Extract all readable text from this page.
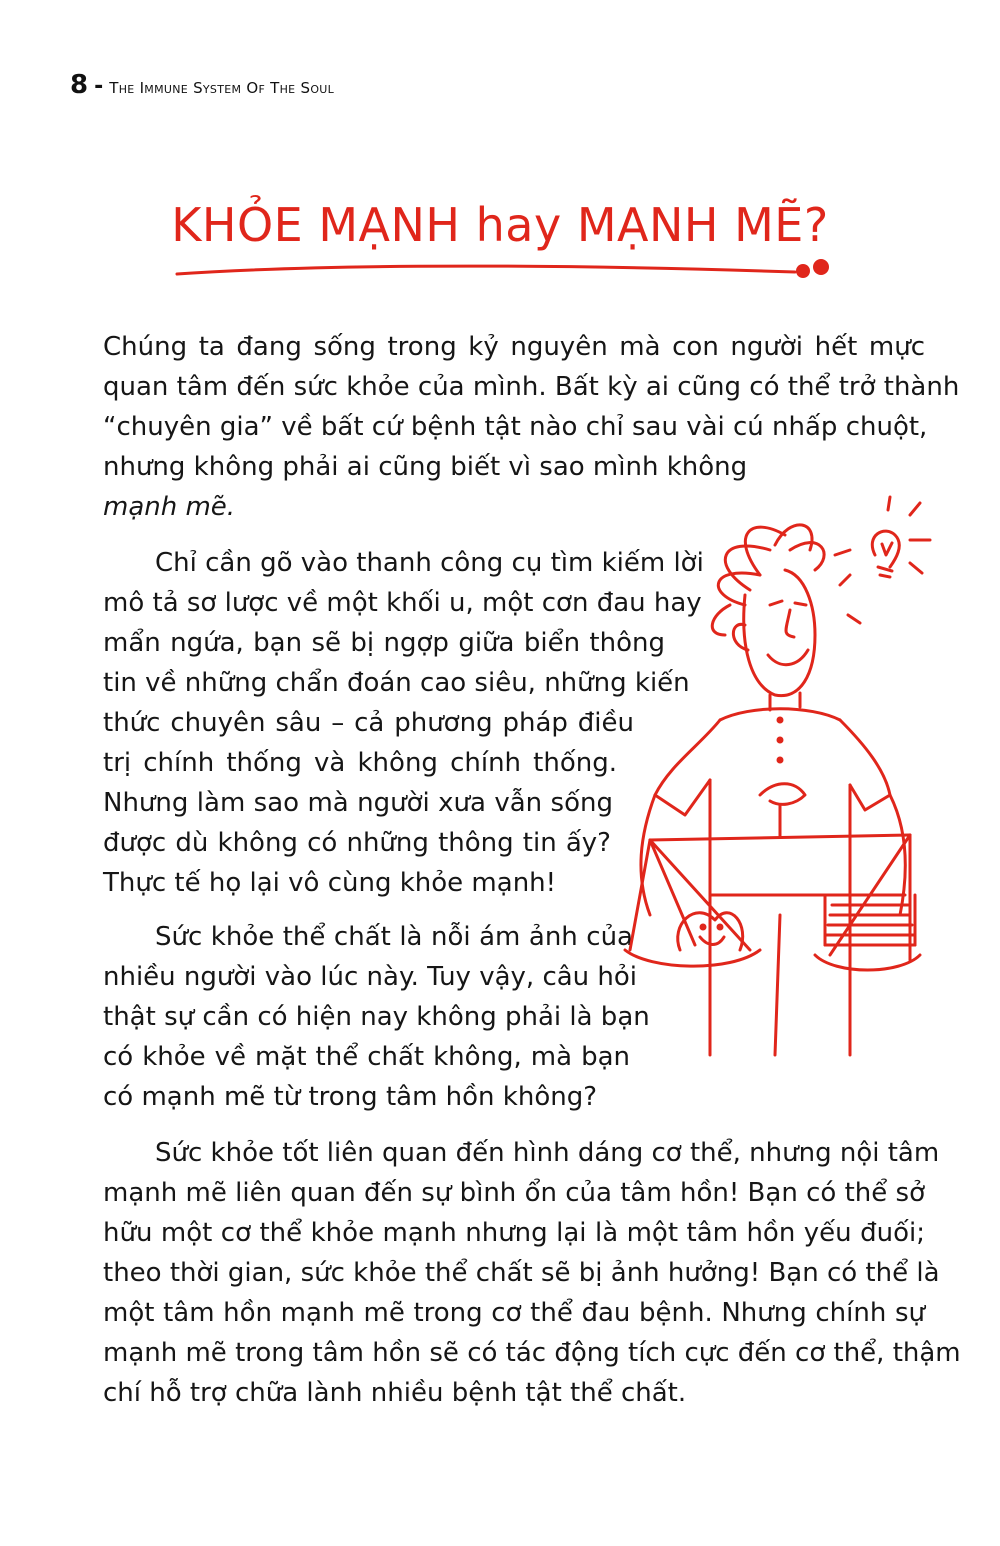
8 - The Immune System Of The Soul
KHỎE MẠNH hay MẠNH MẼ?
Chúng ta đang sống trong kỷ nguyên mà con người hết mực
quan tâm đến sức khỏe của mình. Bất kỳ ai cũng có thể trở thành
“chuyên gia” về bất cứ bệnh tật nào chỉ sau vài cú nhấp chuột,
nhưng không phải ai cũng biết vì sao mình không
mạnh mẽ.
Chỉ cần gõ vào thanh công cụ tìm kiếm lời
mô tả sơ lược về một khối u, một cơn đau hay
mẩn ngứa, bạn sẽ bị ngợp giữa biển thông
tin về những chẩn đoán cao siêu, những kiến
thức chuyên sâu – cả phương pháp điều
trị chính thống và không chính thống.
Nhưng làm sao mà người xưa vẫn sống
được dù không có những thông tin ấy?
Thực tế họ lại vô cùng khỏe mạnh!
Sức khỏe thể chất là nỗi ám ảnh của
nhiều người vào lúc này. Tuy vậy, câu hỏi
thật sự cần có hiện nay không phải là bạn
có khỏe về mặt thể chất không, mà bạn
có mạnh mẽ từ trong tâm hồn không?
Sức khỏe tốt liên quan đến hình dáng cơ thể, nhưng nội tâm
mạnh mẽ liên quan đến sự bình ổn của tâm hồn! Bạn có thể sở
hữu một cơ thể khỏe mạnh nhưng lại là một tâm hồn yếu đuối;
theo thời gian, sức khỏe thể chất sẽ bị ảnh hưởng! Bạn có thể là
một tâm hồn mạnh mẽ trong cơ thể đau bệnh. Nhưng chính sự
mạnh mẽ trong tâm hồn sẽ có tác động tích cực đến cơ thể, thậm
chí hỗ trợ chữa lành nhiều bệnh tật thể chất.
